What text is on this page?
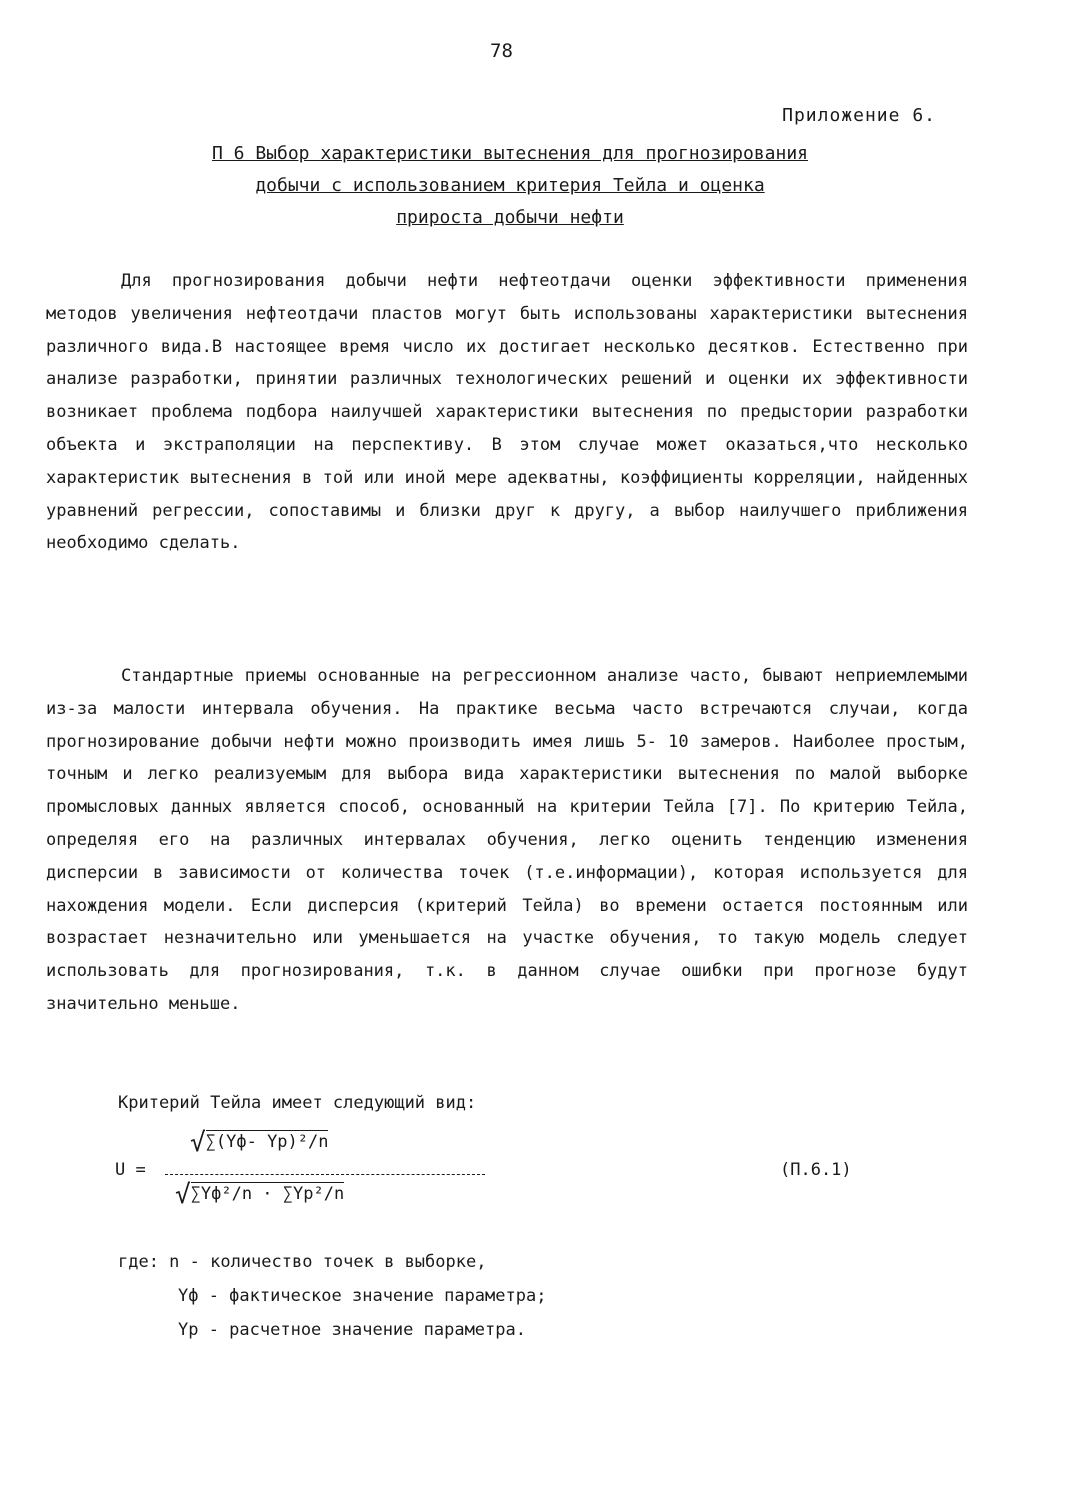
78
Приложение 6.
П 6 Выбор характеристики вытеснения для прогнозирования
добычи с использованием критерия Тейла и оценка
прироста добычи нефти

Для прогнозирования добычи нефти нефтеотдачи оценки эффективности применения методов увеличения нефтеотдачи пластов могут быть использованы характеристики вытеснения различного вида.В настоящее время число их достигает несколько десятков. Естественно при анализе разработки, принятии различных технологических решений и оценки их эффективности возникает проблема подбора наилучшей характеристики вытеснения по предыстории разработки объекта и экстраполяции на перспективу. В этом случае может оказаться,что несколько характеристик вытеснения в той или иной мере адекватны, коэффициенты корреляции, найденных уравнений регрессии, сопоставимы и близки друг к другу, а выбор наилучшего приближения необходимо сделать.

Стандартные приемы основанные на регрессионном анализе часто, бывают неприемлемыми из-за малости интервала обучения. На практике весьма часто встречаются случаи, когда прогнозирование добычи нефти можно производить имея лишь 5- 10 замеров. Наиболее простым, точным и легко реализуемым для выбора вида характеристики вытеснения по малой выборке промысловых данных является способ, основанный на критерии Тейла [7]. По критерию Тейла, определяя его на различных интервалах обучения, легко оценить тенденцию изменения дисперсии в зависимости от количества точек (т.е.информации), которая используется для нахождения модели. Если дисперсия (критерий Тейла) во времени остается постоянным или возрастает незначительно или уменьшается на участке обучения, то такую модель следует использовать для прогнозирования, т.к. в данном случае ошибки при прогнозе будут значительно меньше.

Критерий Тейла имеет следующий вид:
U =
√∑(Yф- Yр)²/n
√∑Yф²/n · ∑Yр²/n
(П.6.1)
где: n - количество точек в выборке,
Yф - фактическое значение параметра;
Yр - расчетное значение параметра.
